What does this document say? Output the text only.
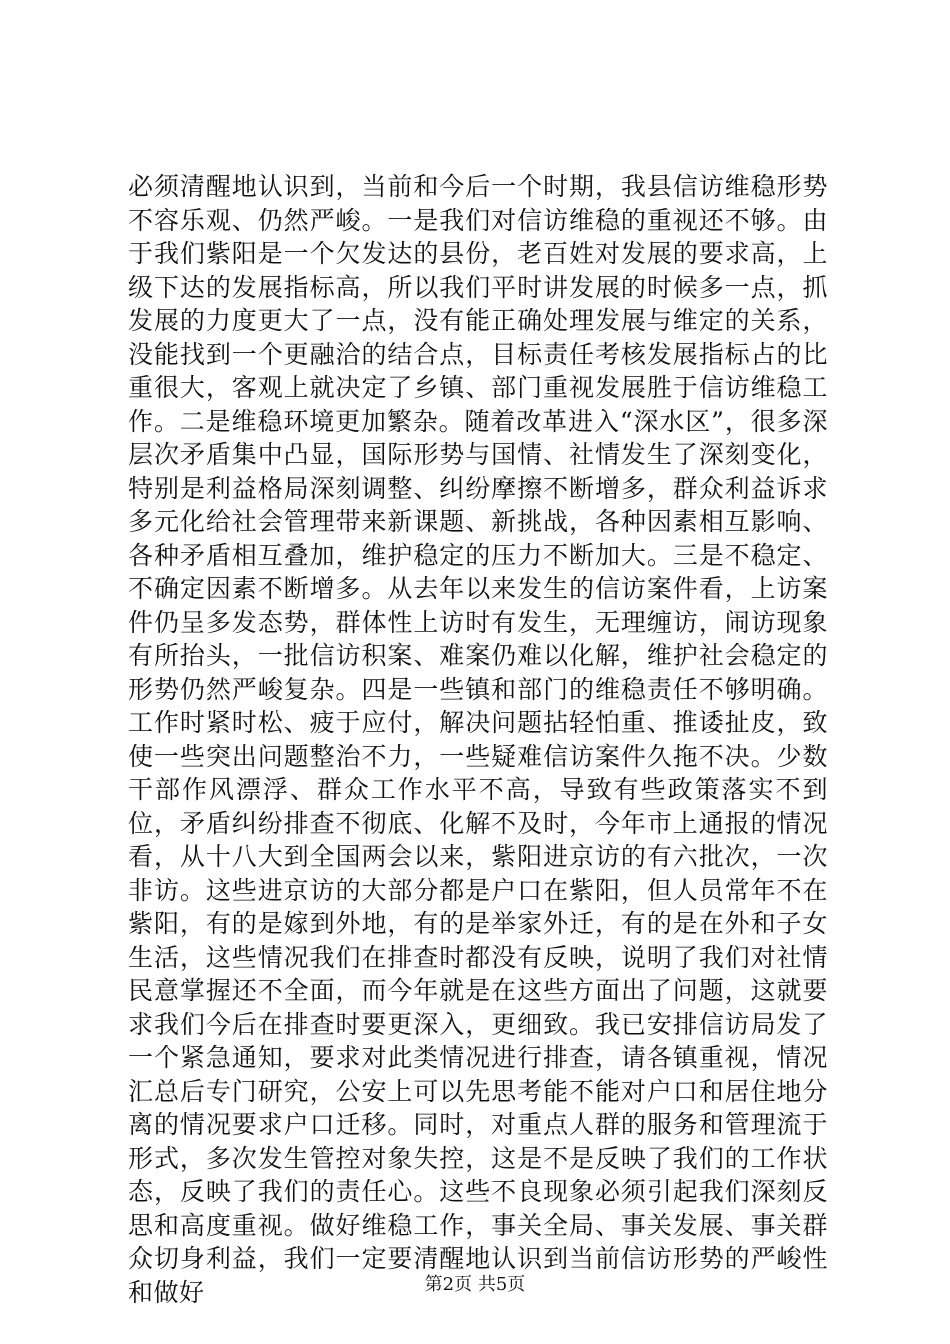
必须清醒地认识到，当前和今后一个时期，我县信访维稳形势不容乐观、仍然严峻。一是我们对信访维稳的重视还不够。由于我们紫阳是一个欠发达的县份，老百姓对发展的要求高，上级下达的发展指标高，所以我们平时讲发展的时候多一点，抓发展的力度更大了一点，没有能正确处理发展与维定的关系，没能找到一个更融洽的结合点，目标责任考核发展指标占的比重很大，客观上就决定了乡镇、部门重视发展胜于信访维稳工作。二是维稳环境更加繁杂。随着改革进入“深水区”，很多深层次矛盾集中凸显，国际形势与国情、社情发生了深刻变化，特别是利益格局深刻调整、纠纷摩擦不断增多，群众利益诉求多元化给社会管理带来新课题、新挑战，各种因素相互影响、各种矛盾相互叠加，维护稳定的压力不断加大。三是不稳定、不确定因素不断增多。从去年以来发生的信访案件看，上访案件仍呈多发态势，群体性上访时有发生，无理缠访，闹访现象有所抬头，一批信访积案、难案仍难以化解，维护社会稳定的形势仍然严峻复杂。四是一些镇和部门的维稳责任不够明确。工作时紧时松、疲于应付，解决问题拈轻怕重、推诿扯皮，致使一些突出问题整治不力，一些疑难信访案件久拖不决。少数干部作风漂浮、群众工作水平不高，导致有些政策落实不到位，矛盾纠纷排查不彻底、化解不及时，今年市上通报的情况看，从十八大到全国两会以来，紫阳进京访的有六批次，一次非访。这些进京访的大部分都是户口在紫阳，但人员常年不在紫阳，有的是嫁到外地，有的是举家外迁，有的是在外和子女生活，这些情况我们在排查时都没有反映，说明了我们对社情民意掌握还不全面，而今年就是在这些方面出了问题，这就要求我们今后在排查时要更深入，更细致。我已安排信访局发了一个紧急通知，要求对此类情况进行排查，请各镇重视，情况汇总后专门研究，公安上可以先思考能不能对户口和居住地分离的情况要求户口迁移。同时，对重点人群的服务和管理流于形式，多次发生管控对象失控，这是不是反映了我们的工作状态，反映了我们的责任心。这些不良现象必须引起我们深刻反思和高度重视。做好维稳工作，事关全局、事关发展、事关群众切身利益，我们一定要清醒地认识到当前信访形势的严峻性和做好	第2页 共5页
